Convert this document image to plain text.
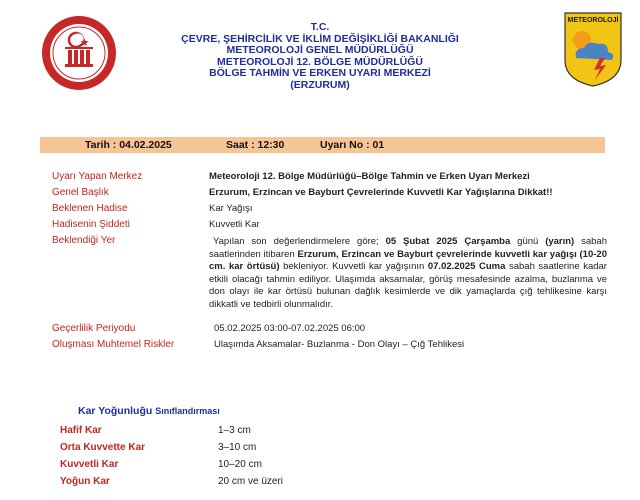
T.C.
ÇEVRE, ŞEHİRCİLİK VE İKLİM DEĞİŞİKLİĞİ BAKANLIĞI
METEOROLOJİ GENEL MÜDÜRLÜĞÜ
METEOROLOJİ 12. BÖLGE MÜDÜRLÜĞÜ
BÖLGE TAHMİN VE ERKEN UYARI MERKEZİ
(ERZURUM)
METEOROLOJİ
Tarih : 04.02.2025	Saat : 12:30	Uyarı No : 01
Uyarı Yapan Merkez	Meteoroloji 12. Bölge Müdürlüğü–Bölge Tahmin ve Erken Uyarı Merkezi
Genel Başlık	Erzurum, Erzincan ve Bayburt Çevrelerinde Kuvvetli Kar Yağışlarına Dikkat!!
Beklenen Hadise	Kar Yağışı
Hadisenin Şiddeti	Kuvvetli Kar
Beklendiği Yer	Yapılan son değerlendirmelere göre; 05 Şubat 2025 Çarşamba günü (yarın) sabah saatlerinden itibaren Erzurum, Erzincan ve Bayburt çevrelerinde kuvvetli kar yağışı (10-20 cm. kar örtüsü) bekleniyor. Kuvvetli kar yağışının 07.02.2025 Cuma sabah saatlerine kadar etkili olacağı tahmin ediliyor. Ulaşımda aksamalar, görüş mesafesinde azalma, buzlanma ve don olayı ile kar örtüsü bulunan dağlık kesimlerde ve dik yamaçlarda çığ tehlikesine karşı dikkatli ve tedbirli olunmalıdır.
Geçerlilik Periyodu	05.02.2025 03:00-07.02.2025 06:00
Oluşması Muhtemel Riskler	Ulaşımda Aksamalar- Buzlanma - Don Olayı – Çığ Tehlikesi
Kar Yoğunluğu Sınıflandırması
Hafif Kar	1–3 cm
Orta Kuvvette Kar	3–10 cm
Kuvvetli Kar	10–20 cm
Yoğun Kar	20 cm ve üzeri
